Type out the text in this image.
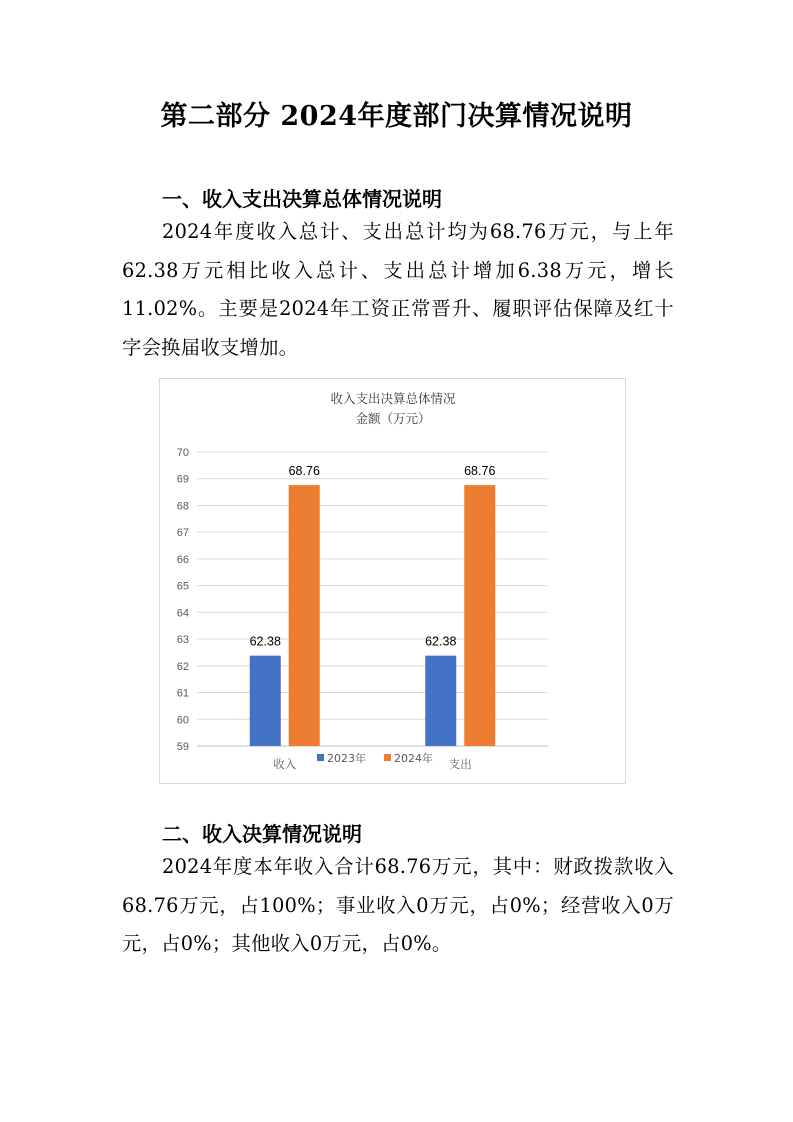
第二部分 2024年度部门决算情况说明
一、收入支出决算总体情况说明

2024年度收入总计、支出总计均为68.76万元，与上年62.38万元相比收入总计、支出总计增加6.38万元，增长11.02%。主要是2024年工资正常晋升、履职评估保障及红十字会换届收支增加。

收入支出决算总体情况
金额（万元）
59
60
61
62
63
64
65
66
67
68
69
70
62.38
68.76
收入
62.38
68.76
支出
2023年	2024年
二、收入决算情况说明

2024年度本年收入合计68.76万元，其中：财政拨款收入68.76万元，占100%；事业收入0万元，占0%；经营收入0万元，占0%；其他收入0万元，占0%。
